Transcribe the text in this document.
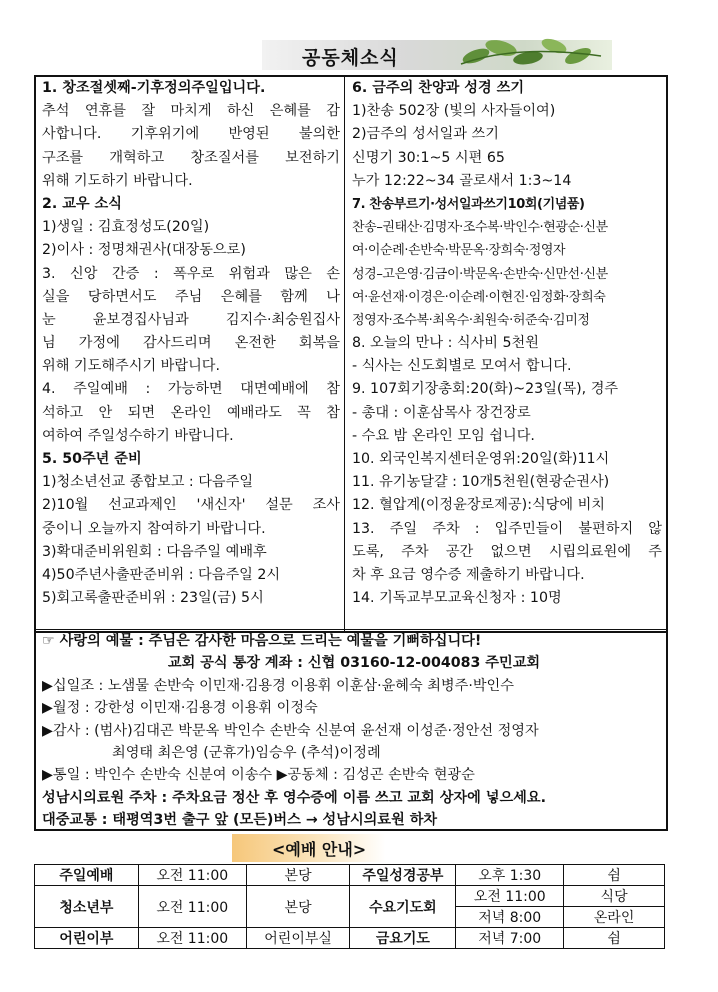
공동체소식
1. 창조절셋째-기후정의주일입니다.
추석 연휴를 잘 마치게 하신 은혜를 감
사합니다. 기후위기에 반영된 불의한
구조를 개혁하고 창조질서를 보전하기
위해 기도하기 바랍니다.
2. 교우 소식
1)생일 : 김효정성도(20일)
2)이사 : 정명채권사(대장동으로)
3. 신앙 간증 : 폭우로 위험과 많은 손
실을 당하면서도 주님 은혜를 함께 나
눈 윤보경집사님과 김지수·최숭원집사
님 가정에 감사드리며 온전한 회복을
위해 기도해주시기 바랍니다.
4. 주일예배 : 가능하면 대면예배에 참
석하고 안 되면 온라인 예배라도 꼭 참
여하여 주일성수하기 바랍니다.
5. 50주년 준비
1)청소년선교 종합보고 : 다음주일
2)10월 선교과제인 '새신자' 설문 조사
중이니 오늘까지 참여하기 바랍니다.
3)확대준비위원회 : 다음주일 예배후
4)50주년사출판준비위 : 다음주일 2시
5)회고록출판준비위 : 23일(금) 5시
6. 금주의 찬양과 성경 쓰기
1)찬송 502장 (빛의 사자들이여)
2)금주의 성서일과 쓰기
신명기 30:1~5 시편 65
누가 12:22~34 골로새서 1:3~14
7. 찬송부르기·성서일과쓰기10회(기념품)
찬송–권태산·김명자·조수복·박인수·현광순·신분
여·이순례·손반숙·박문옥·장희숙·정영자
성경–고은영·김금이·박문옥·손반숙·신만선·신분
여·윤선재·이경은·이순례·이현진·임정화·장희숙
정영자·조수복·최옥수·최원숙·허준숙·김미정
8. 오늘의 만나 : 식사비 5천원
- 식사는 신도회별로 모여서 합니다.
9. 107회기장총회:20(화)~23일(목), 경주
- 총대 : 이훈삼목사 장건장로
- 수요 밤 온라인 모임 쉽니다.
10. 외국인복지센터운영위:20일(화)11시
11. 유기농달걀 : 10개5천원(현광순권사)
12. 혈압계(이정윤장로제공):식당에 비치
13. 주일 주차 : 입주민들이 불편하지 않
도록, 주차 공간 없으면 시립의료원에 주
차 후 요금 영수증 제출하기 바랍니다.
14. 기독교부모교육신청자 : 10명
☞ 사랑의 예물 : 주님은 감사한 마음으로 드리는 예물을 기뻐하십니다!
교회 공식 통장 계좌 : 신협 03160-12-004083 주민교회
▶십일조 : 노샘물 손반숙 이민재·김용경 이용휘 이훈삼·윤혜숙 최병주·박인수
▶월정 : 강한성 이민재·김용경 이용휘 이정숙
▶감사 : (범사)김대곤 박문옥 박인수 손반숙 신분여 윤선재 이성준·정안선 정영자
최영태 최은영 (군휴가)임승우 (추석)이정례
▶통일 : 박인수 손반숙 신분여 이송수 ▶공동체 : 김성곤 손반숙 현광순
성남시의료원 주차 : 주차요금 정산 후 영수증에 이름 쓰고 교회 상자에 넣으세요.
대중교통 : 태평역3번 출구 앞 (모든)버스 → 성남시의료원 하차
<예배 안내>
주일예배	오전 11:00	본당	주일성경공부	오후 1:30	쉼
청소년부	오전 11:00	본당	수요기도회	오전 11:00	식당
				저녁 8:00	온라인
어린이부	오전 11:00	어린이부실	금요기도	저녁 7:00	쉼
